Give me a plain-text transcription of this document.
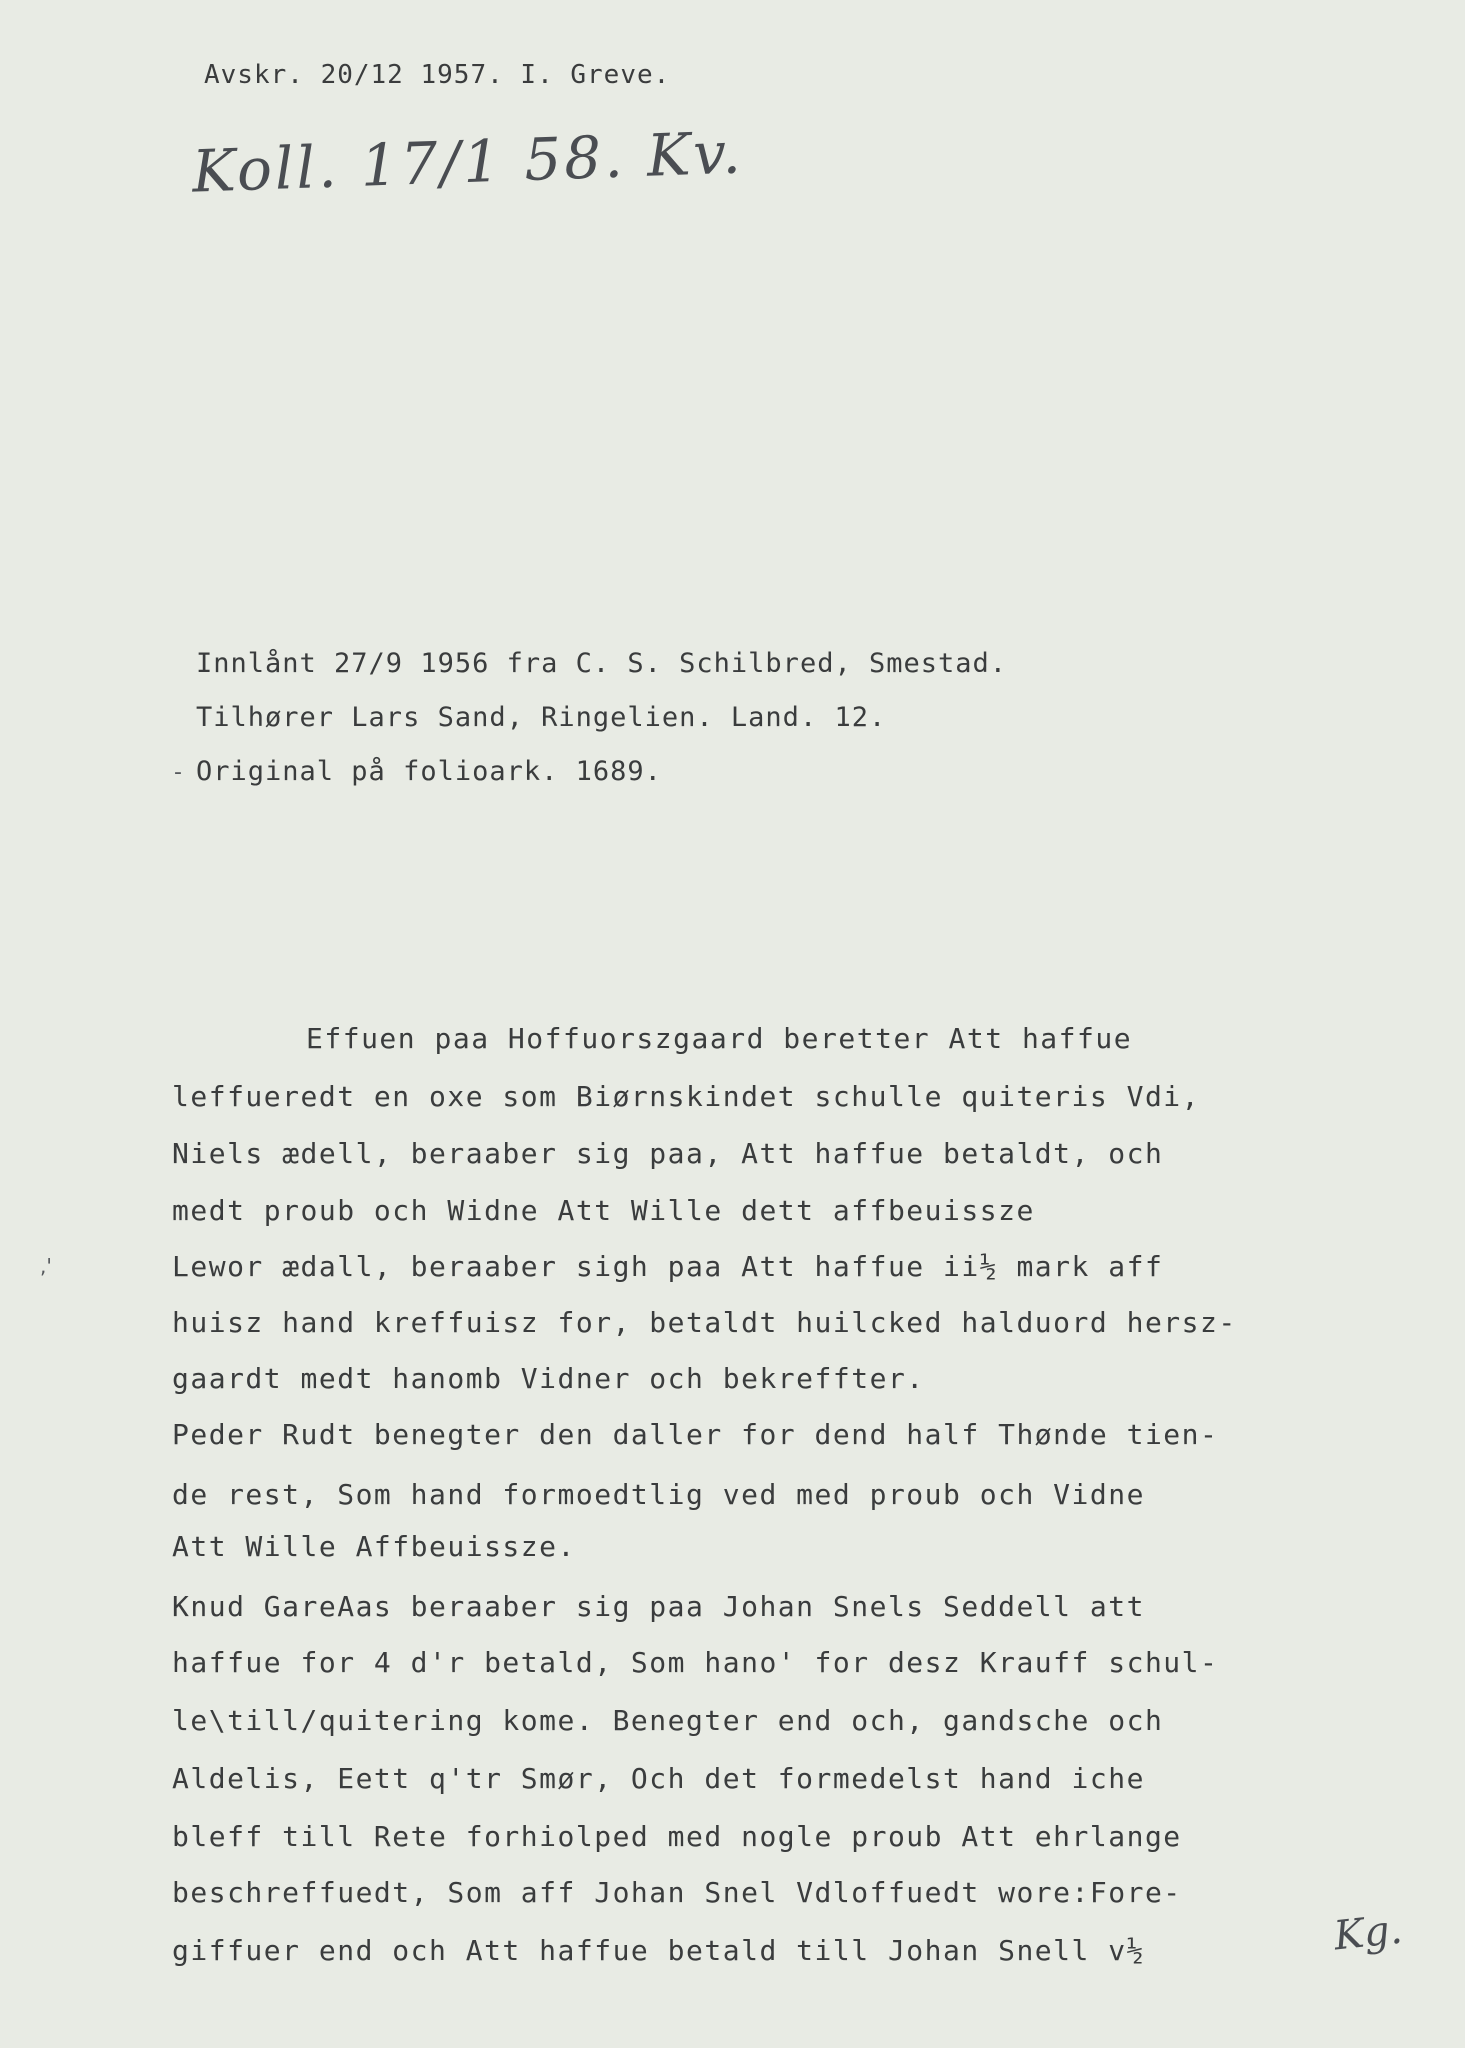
Avskr. 20/12 1957. I. Greve.
Koll. 17/1 58. Kv.
Innlånt 27/9 1956 fra C. S. Schilbred, Smestad.
Tilhører Lars Sand, Ringelien. Land. 12.
Original på folioark. 1689.
-
Effuen paa Hoffuorszgaard beretter Att haffue
leffueredt en oxe som Biørnskindet schulle quiteris Vdi,
Niels ædell, beraaber sig paa, Att haffue betaldt, och
medt proub och Widne Att Wille dett affbeuissze
Lewor ædall, beraaber sigh paa Att haffue ii½ mark aff
huisz hand kreffuisz for, betaldt huilcked halduord hersz-
gaardt medt hanomb Vidner och bekreffter.
Peder Rudt benegter den daller for dend half Thønde tien-
de rest, Som hand formoedtlig ved med proub och Vidne
Att Wille Affbeuissze.
Knud GareAas beraaber sig paa Johan Snels Seddell att
haffue for 4 d'r betald, Som hano' for desz Krauff schul-
le\till/quitering kome. Benegter end och, gandsche och
Aldelis, Eett q'tr Smør, Och det formedelst hand iche
bleff till Rete forhiolped med nogle proub Att ehrlange
beschreffuedt, Som aff Johan Snel Vdloffuedt wore:Fore-
giffuer end och Att haffue betald till Johan Snell v½
,'
Kg.
